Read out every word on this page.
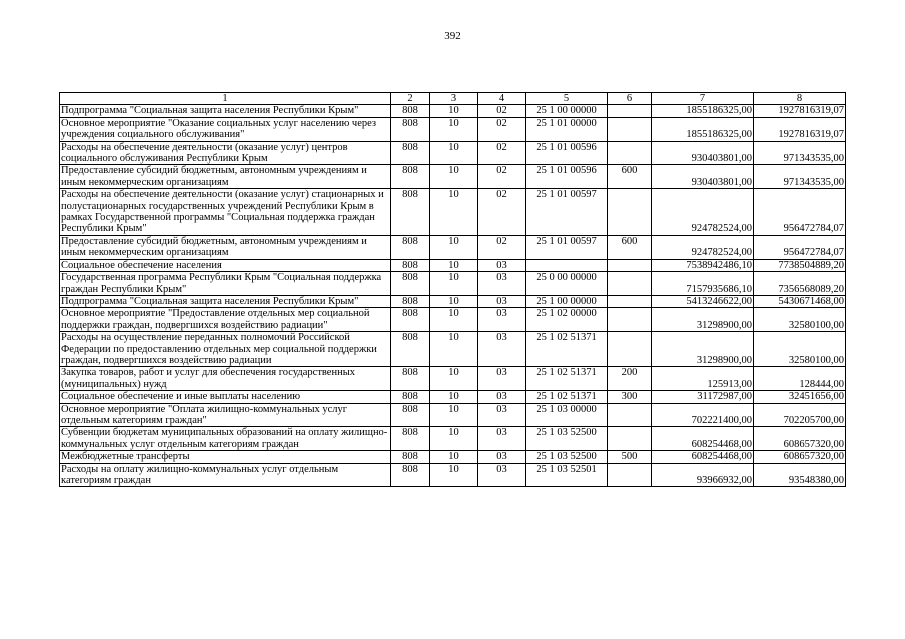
392
1	2	3	4	5	6	7	8
Подпрограмма "Социальная защита населения Республики Крым"	808	10	02	25 1 00 00000		1855186325,00	1927816319,07
Основное мероприятие "Оказание социальных услуг населению через учреждения социального обслуживания"	808	10	02	25 1 01 00000		1855186325,00	1927816319,07
Расходы на обеспечение деятельности (оказание услуг) центров социального обслуживания Республики Крым	808	10	02	25 1 01 00596		930403801,00	971343535,00
Предоставление субсидий бюджетным, автономным учреждениям и иным некоммерческим организациям	808	10	02	25 1 01 00596	600	930403801,00	971343535,00
Расходы на обеспечение деятельности (оказание услуг) стационарных и полустационарных государственных учреждений Республики Крым в рамках Государственной программы "Социальная поддержка граждан Республики Крым"	808	10	02	25 1 01 00597		924782524,00	956472784,07
Предоставление субсидий бюджетным, автономным учреждениям и иным некоммерческим организациям	808	10	02	25 1 01 00597	600	924782524,00	956472784,07
Социальное обеспечение населения	808	10	03			7538942486,10	7738504889,20
Государственная программа Республики Крым "Социальная поддержка граждан Республики Крым"	808	10	03	25 0 00 00000		7157935686,10	7356568089,20
Подпрограмма "Социальная защита населения Республики Крым"	808	10	03	25 1 00 00000		5413246622,00	5430671468,00
Основное мероприятие "Предоставление отдельных мер социальной поддержки граждан, подвергшихся воздействию радиации"	808	10	03	25 1 02 00000		31298900,00	32580100,00
Расходы на осуществление переданных полномочий Российской Федерации по предоставлению отдельных мер социальной поддержки граждан, подвергшихся воздействию радиации	808	10	03	25 1 02 51371		31298900,00	32580100,00
Закупка товаров, работ и услуг для обеспечения государственных (муниципальных) нужд	808	10	03	25 1 02 51371	200	125913,00	128444,00
Социальное обеспечение и иные выплаты населению	808	10	03	25 1 02 51371	300	31172987,00	32451656,00
Основное мероприятие "Оплата жилищно-коммунальных услуг отдельным категориям граждан"	808	10	03	25 1 03 00000		702221400,00	702205700,00
Субвенции бюджетам муниципальных образований на оплату жилищно-коммунальных услуг отдельным категориям граждан	808	10	03	25 1 03 52500		608254468,00	608657320,00
Межбюджетные трансферты	808	10	03	25 1 03 52500	500	608254468,00	608657320,00
Расходы на оплату жилищно-коммунальных услуг отдельным категориям граждан	808	10	03	25 1 03 52501		93966932,00	93548380,00
